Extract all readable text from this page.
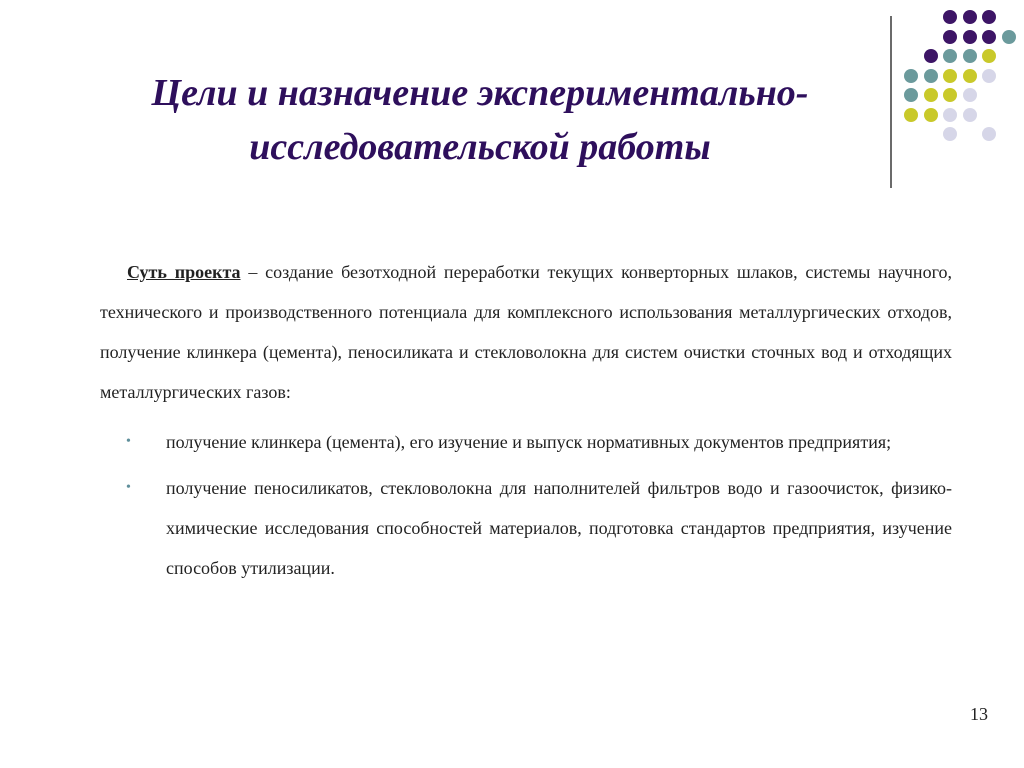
Цели и назначение экспериментально-
исследовательской работы

Суть проекта – создание безотходной переработки текущих конверторных шлаков, системы научного, технического и производственного потенциала для комплексного использования металлургических отходов, получение клинкера (цемента), пеносиликата и стекловолокна для систем очистки сточных вод и отходящих металлургических газов:

• получение клинкера (цемента), его изучение и выпуск нормативных документов предприятия;
• получение пеносиликатов, стекловолокна для наполнителей фильтров водо и газоочисток, физико-химические исследования способностей материалов, подготовка стандартов предприятия, изучение способов утилизации.
13
